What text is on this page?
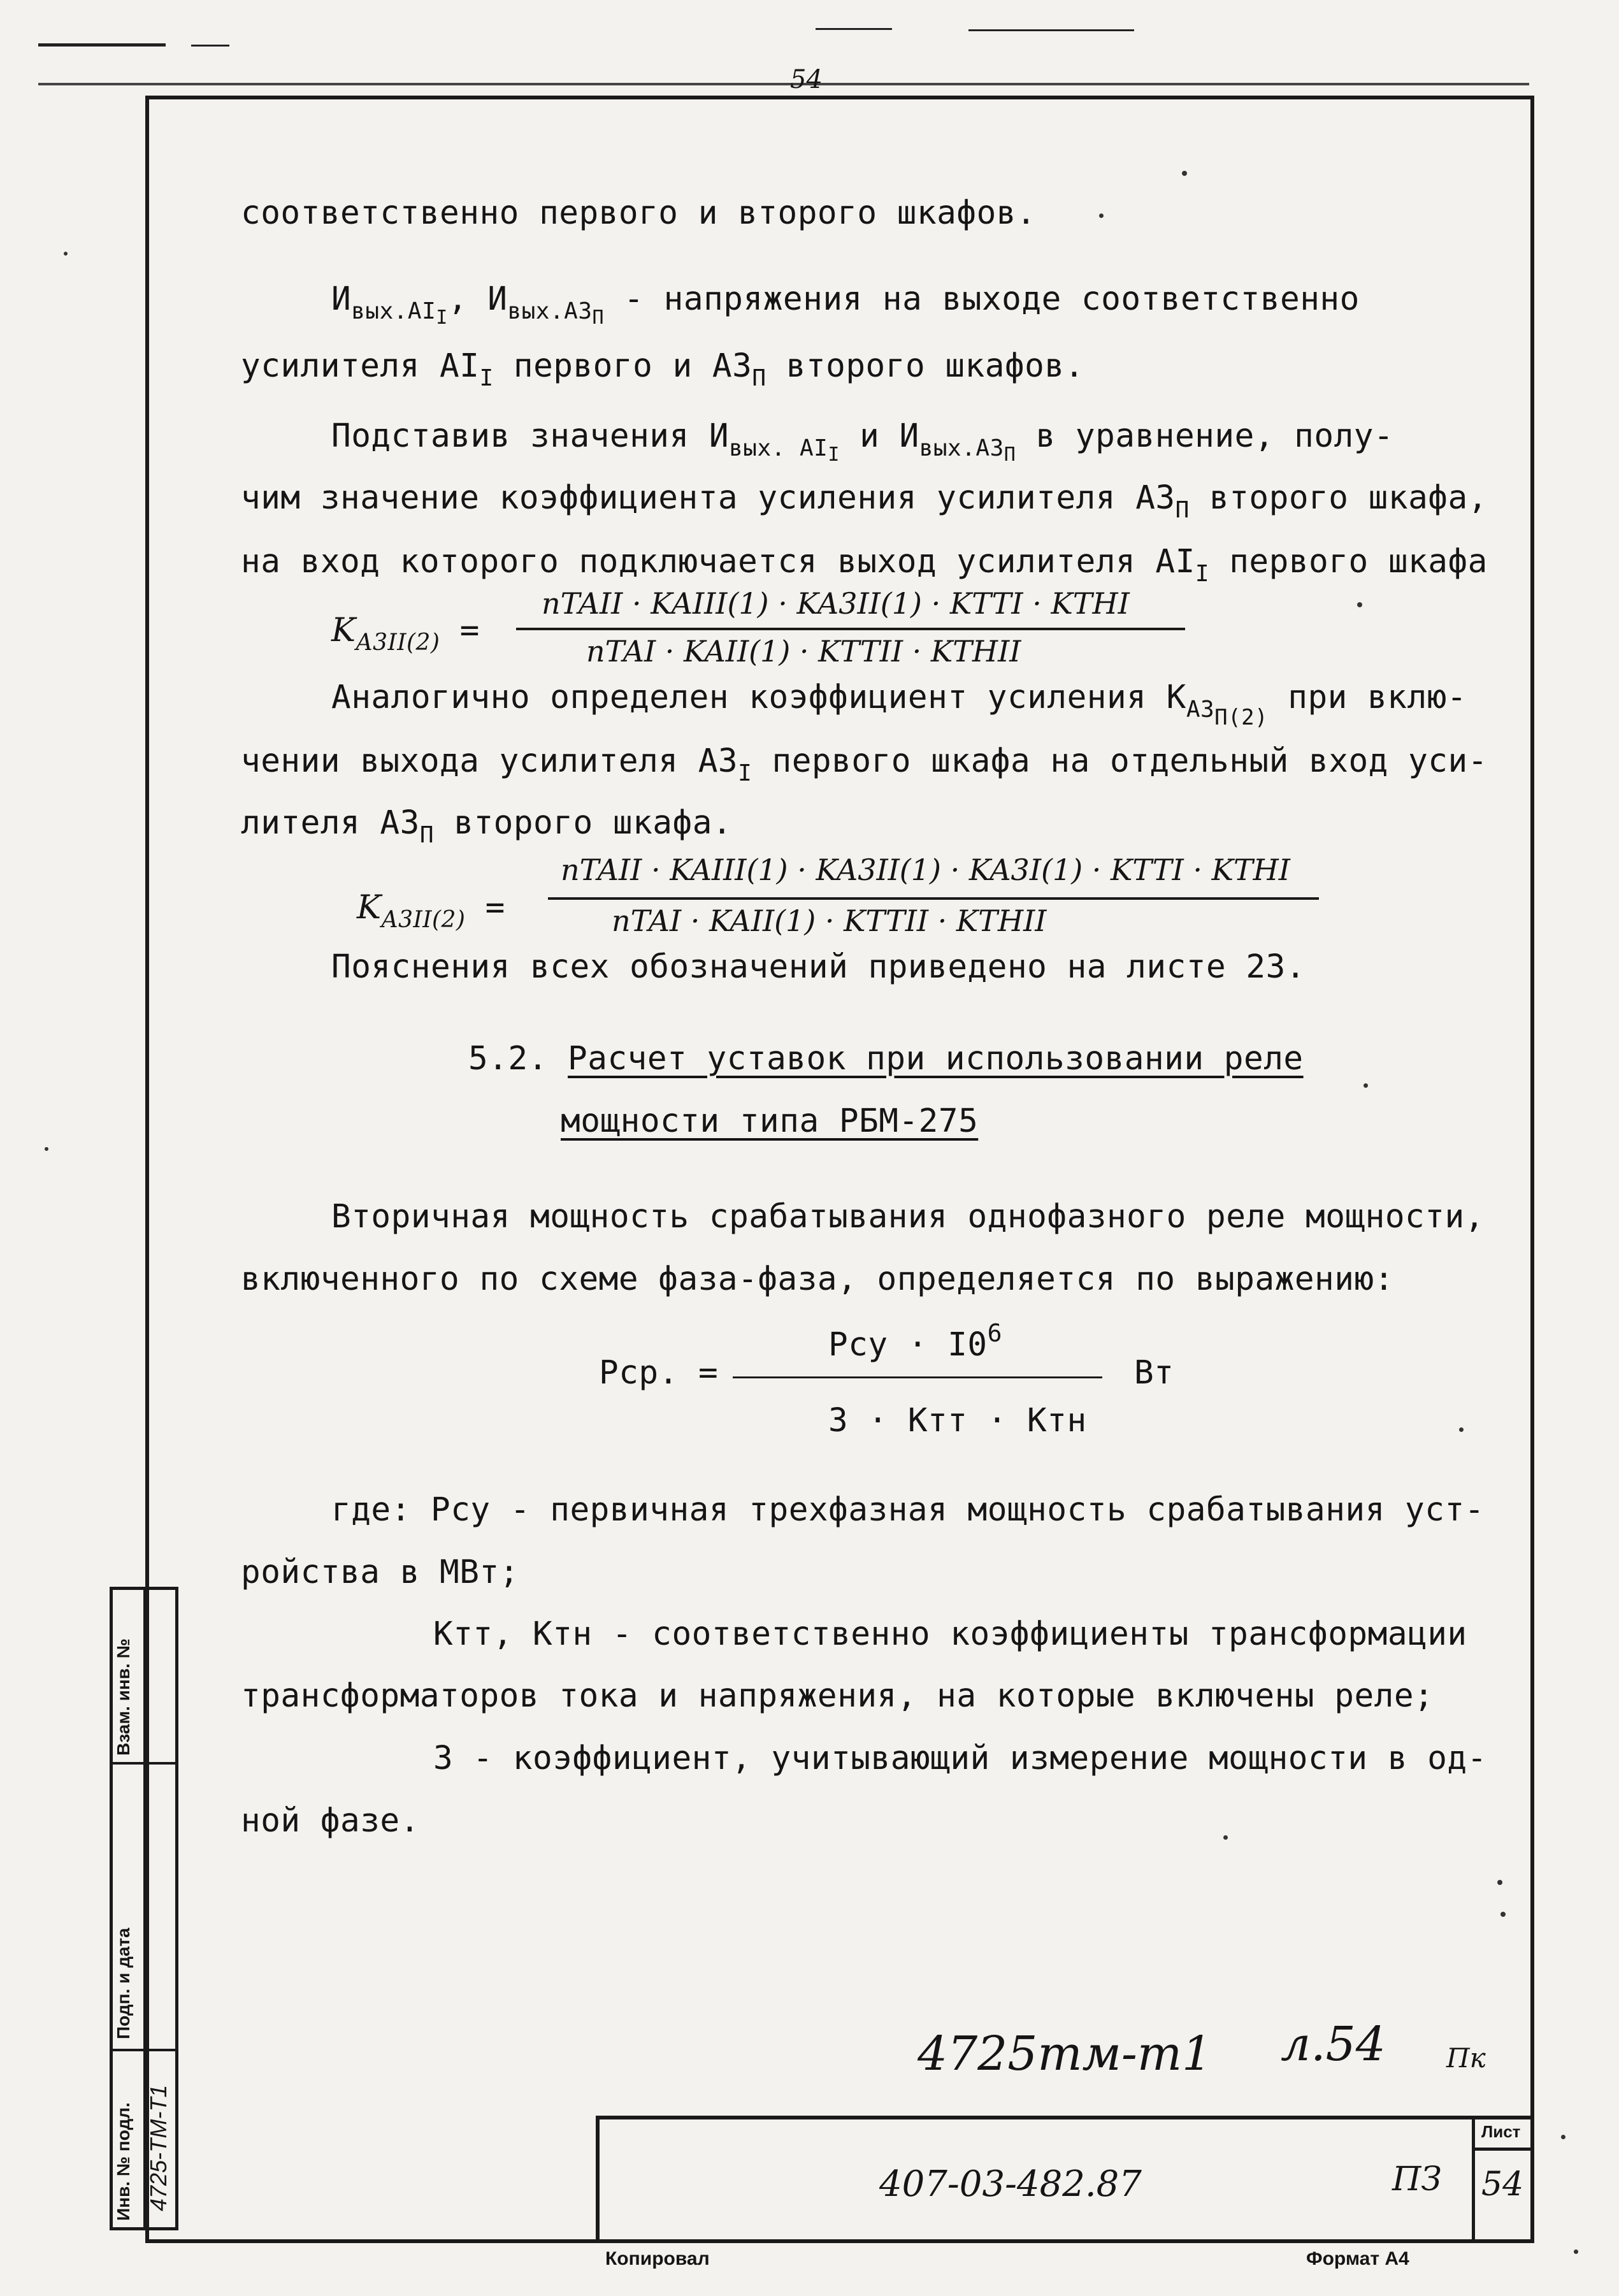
54
соответственно первого и второго шкафов.
$И_{вых.AII}$, $И_{вых.A3П}$ - напряжения на выходе соответственно
усилителя $AI_I$ первого и $A3_П$ второго шкафов.
Подставив значения $И_{вых. AII}$ и $И_{вых.A3П}$ в уравнение, полу-
чим значение коэффициента усиления усилителя $A3_П$ второго шкафа,
на вход которого подключается выход усилителя $AI_I$ первого шкафа
$K_{A3II(2)}$ =
nTAII · KAIII(1) · KA3II(1) · KTTI · KTHI
nTAI · KAII(1) · KTTII · KTHII
Аналогично определен коэффициент усиления $K_{A3П(2)}$ при вклю-
чении выхода усилителя $A3_I$ первого шкафа на отдельный вход уси-
лителя $A3_П$ второго шкафа.
$K_{A3II(2)}$ =
nTAII · KAIII(1) · KA3II(1) · KA3I(1) · KTTI · KTHI
nTAI · KAII(1) · KTTII · KTHII
Пояснения всех обозначений приведено на листе 23.
5.2. Расчет уставок при использовании реле
мощности типа РБМ-275
Вторичная мощность срабатывания однофазного реле мощности,
включенного по схеме фаза-фаза, определяется по выражению:
Рср. =
Рсу · $I0^6$
3 · Ктт · Ктн
Вт
где: Рсу - первичная трехфазная мощность срабатывания уст-
ройства в МВт;
Ктт, Ктн - соответственно коэффициенты трансформации
трансформаторов тока и напряжения, на которые включены реле;
3 - коэффициент, учитывающий измерение мощности в од-
ной фазе.
4725тм-т1 л.54 Пк
Лист
407-03-482.87	ПЗ 54
Копировал	Формат А4
Взам. инв. №
Подп. и дата
Инв. № подл. 4725-ТМ-Т1
